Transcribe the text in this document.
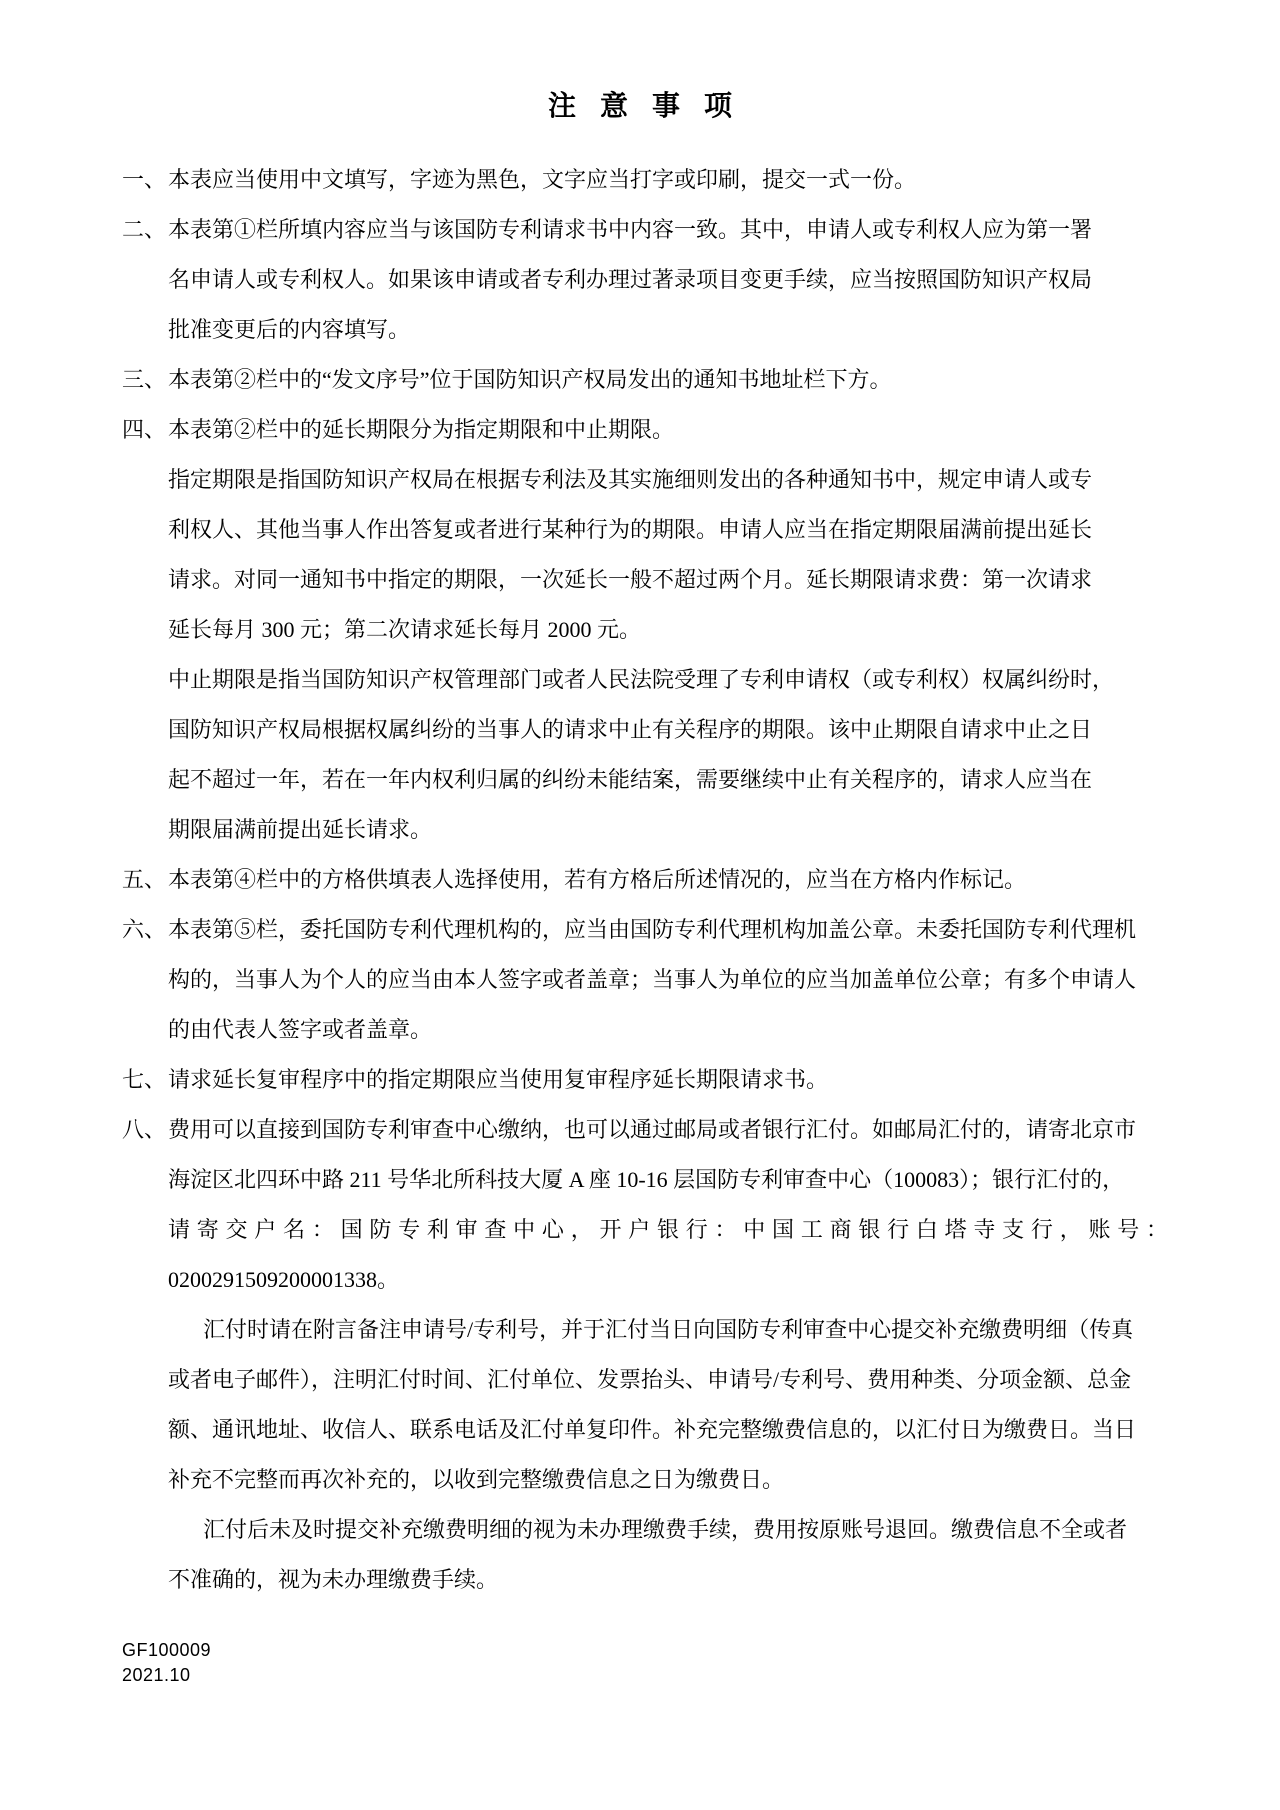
注意事项
一、 本表应当使用中文填写，字迹为黑色，文字应当打字或印刷，提交一式一份。
二、 本表第①栏所填内容应当与该国防专利请求书中内容一致。其中，申请人或专利权人应为第一署
名申请人或专利权人。如果该申请或者专利办理过著录项目变更手续，应当按照国防知识产权局
批准变更后的内容填写。
三、 本表第②栏中的“发文序号”位于国防知识产权局发出的通知书地址栏下方。
四、 本表第②栏中的延长期限分为指定期限和中止期限。
指定期限是指国防知识产权局在根据专利法及其实施细则发出的各种通知书中，规定申请人或专
利权人、其他当事人作出答复或者进行某种行为的期限。申请人应当在指定期限届满前提出延长
请求。对同一通知书中指定的期限，一次延长一般不超过两个月。延长期限请求费：第一次请求
延长每月 300 元；第二次请求延长每月 2000 元。
中止期限是指当国防知识产权管理部门或者人民法院受理了专利申请权（或专利权）权属纠纷时，
国防知识产权局根据权属纠纷的当事人的请求中止有关程序的期限。该中止期限自请求中止之日
起不超过一年，若在一年内权利归属的纠纷未能结案，需要继续中止有关程序的，请求人应当在
期限届满前提出延长请求。
五、 本表第④栏中的方格供填表人选择使用，若有方格后所述情况的，应当在方格内作标记。
六、 本表第⑤栏，委托国防专利代理机构的，应当由国防专利代理机构加盖公章。未委托国防专利代理机
构的，当事人为个人的应当由本人签字或者盖章；当事人为单位的应当加盖单位公章；有多个申请人
的由代表人签字或者盖章。
七、 请求延长复审程序中的指定期限应当使用复审程序延长期限请求书。
八、 费用可以直接到国防专利审查中心缴纳，也可以通过邮局或者银行汇付。如邮局汇付的，请寄北京市
海淀区北四环中路 211 号华北所科技大厦 A 座 10-16 层国防专利审查中心（100083）；银行汇付的，
请寄交户名：国防专利审查中心，开户银行：中国工商银行白塔寺支行，账号：
0200291509200001338。
汇付时请在附言备注申请号/专利号，并于汇付当日向国防专利审查中心提交补充缴费明细（传真
或者电子邮件），注明汇付时间、汇付单位、发票抬头、申请号/专利号、费用种类、分项金额、总金
额、通讯地址、收信人、联系电话及汇付单复印件。补充完整缴费信息的，以汇付日为缴费日。当日
补充不完整而再次补充的，以收到完整缴费信息之日为缴费日。
汇付后未及时提交补充缴费明细的视为未办理缴费手续，费用按原账号退回。缴费信息不全或者
不准确的，视为未办理缴费手续。
GF100009
2021.10
